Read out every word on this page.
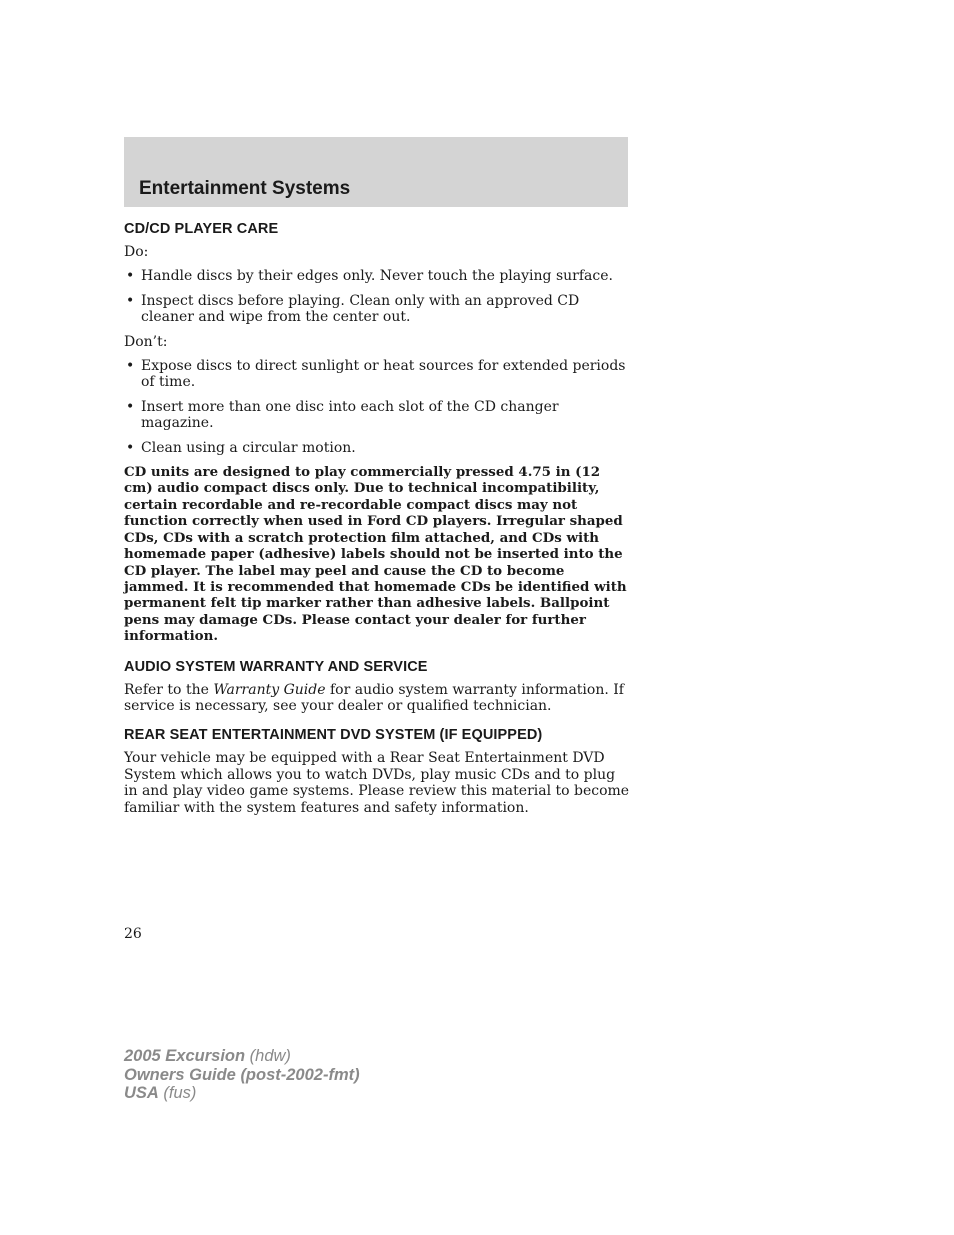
Entertainment Systems
CD/CD PLAYER CARE

Do:

• Handle discs by their edges only. Never touch the playing surface.
• Inspect discs before playing. Clean only with an approved CD cleaner and wipe from the center out.

Don’t:

• Expose discs to direct sunlight or heat sources for extended periods of time.
• Insert more than one disc into each slot of the CD changer magazine.
• Clean using a circular motion.

CD units are designed to play commercially pressed 4.75 in (12 cm) audio compact discs only. Due to technical incompatibility, certain recordable and re-recordable compact discs may not function correctly when used in Ford CD players. Irregular shaped CDs, CDs with a scratch protection film attached, and CDs with homemade paper (adhesive) labels should not be inserted into the CD player. The label may peel and cause the CD to become jammed. It is recommended that homemade CDs be identified with permanent felt tip marker rather than adhesive labels. Ballpoint pens may damage CDs. Please contact your dealer for further information.

AUDIO SYSTEM WARRANTY AND SERVICE

Refer to the Warranty Guide for audio system warranty information. If service is necessary, see your dealer or qualified technician.

REAR SEAT ENTERTAINMENT DVD SYSTEM (IF EQUIPPED)

Your vehicle may be equipped with a Rear Seat Entertainment DVD System which allows you to watch DVDs, play music CDs and to plug in and play video game systems. Please review this material to become familiar with the system features and safety information.

26
2005 Excursion (hdw)
Owners Guide (post-2002-fmt)
USA (fus)
